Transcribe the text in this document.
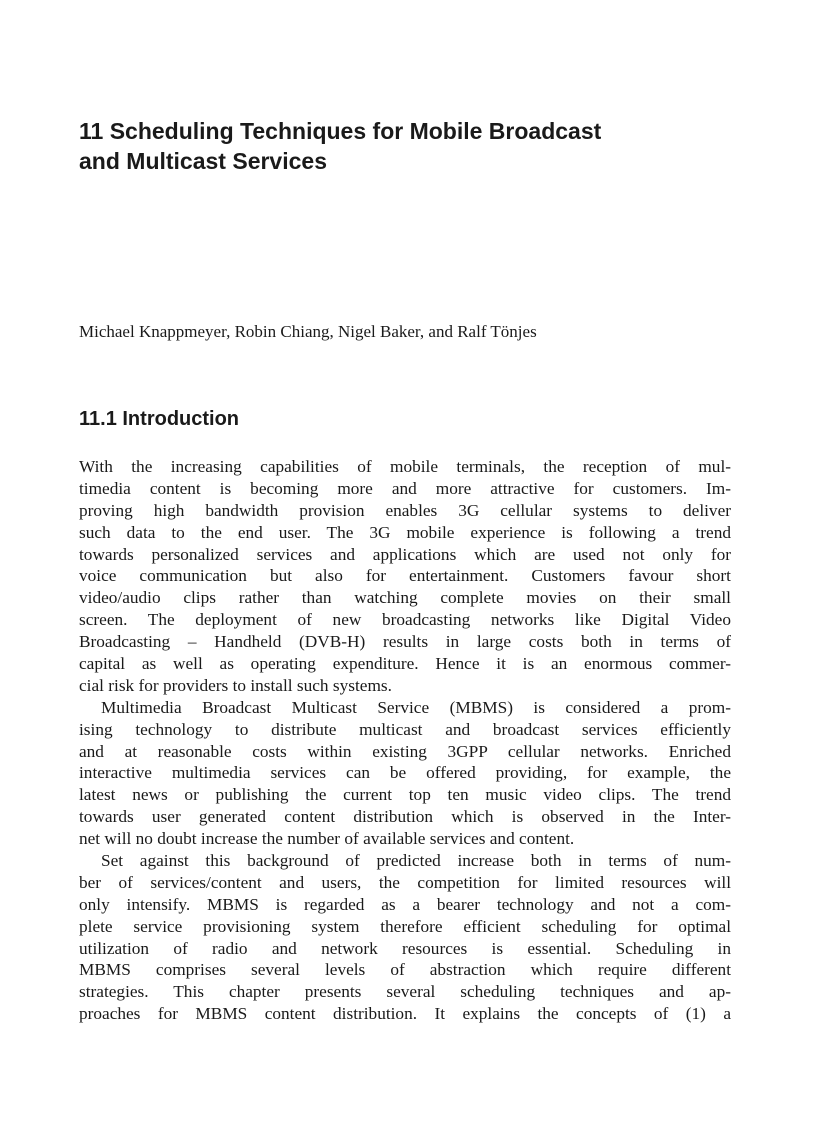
11 Scheduling Techniques for Mobile Broadcast
and Multicast Services

Michael Knappmeyer, Robin Chiang, Nigel Baker, and Ralf Tönjes

11.1 Introduction

With the increasing capabilities of mobile terminals, the reception of mul-
timedia content is becoming more and more attractive for customers. Im-
proving high bandwidth provision enables 3G cellular systems to deliver
such data to the end user. The 3G mobile experience is following a trend
towards personalized services and applications which are used not only for
voice communication but also for entertainment. Customers favour short
video/audio clips rather than watching complete movies on their small
screen. The deployment of new broadcasting networks like Digital Video
Broadcasting – Handheld (DVB-H) results in large costs both in terms of
capital as well as operating expenditure. Hence it is an enormous commer-
cial risk for providers to install such systems.

Multimedia Broadcast Multicast Service (MBMS) is considered a prom-
ising technology to distribute multicast and broadcast services efficiently
and at reasonable costs within existing 3GPP cellular networks. Enriched
interactive multimedia services can be offered providing, for example, the
latest news or publishing the current top ten music video clips. The trend
towards user generated content distribution which is observed in the Inter-
net will no doubt increase the number of available services and content.

Set against this background of predicted increase both in terms of num-
ber of services/content and users, the competition for limited resources will
only intensify. MBMS is regarded as a bearer technology and not a com-
plete service provisioning system therefore efficient scheduling for optimal
utilization of radio and network resources is essential. Scheduling in
MBMS comprises several levels of abstraction which require different
strategies. This chapter presents several scheduling techniques and ap-
proaches for MBMS content distribution. It explains the concepts of (1) a
